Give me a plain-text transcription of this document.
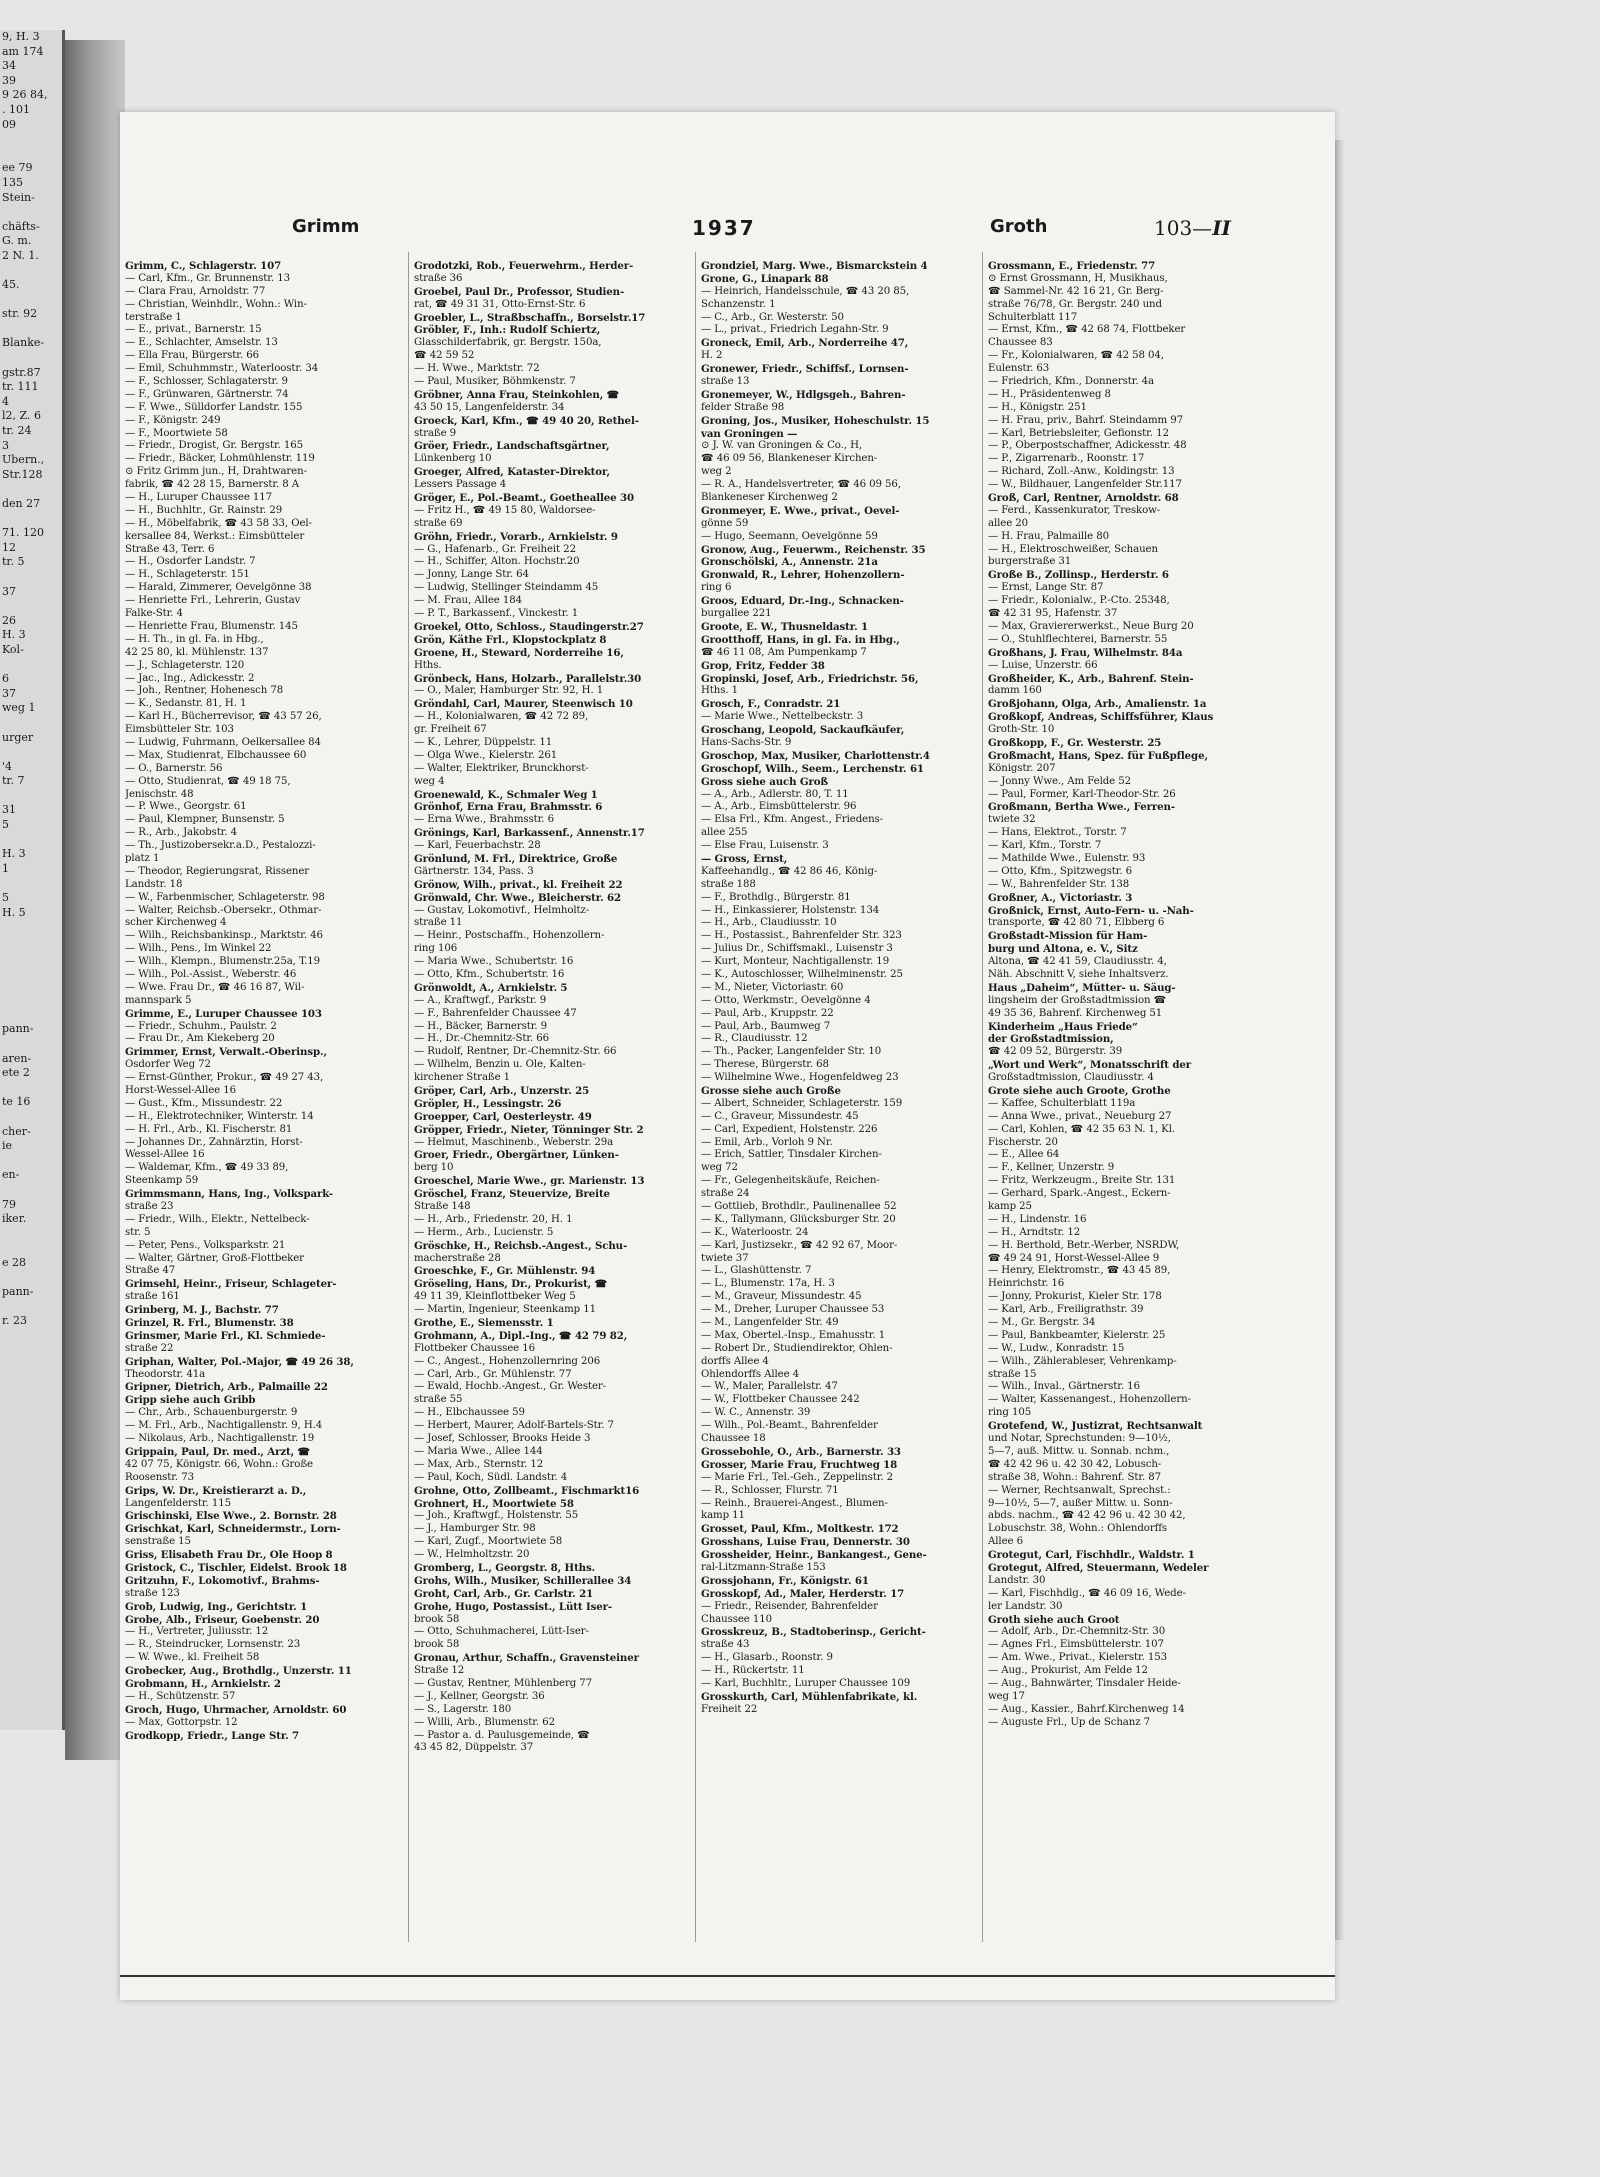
9, H. 3
am 174
34
39
9 26 84,
. 101
09
ee 79
135
Stein-
chäfts-
G. m.
2 N. 1.
45.
str. 92
Blanke-
gstr.87
tr. 111
4
l2, Z. 6
tr. 24
3
Ubern.,
Str.128
den 27
71. 120
12
tr. 5
37
26
H. 3
Kol-
6
37
weg 1
urger
'4
tr. 7
31
5
H. 3
1
5
H. 5
pann-
aren-
ete 2
te 16
cher-
ie
en-
79
iker.
e 28
pann-
r. 23
Grimm	1937	Groth	103—II
Grimm, C., Schlagerstr. 107
— Carl, Kfm., Gr. Brunnenstr. 13
— Clara Frau, Arnoldstr. 77
— Christian, Weinhdlr., Wohn.: Win-
terstraße 1
— E., privat., Barnerstr. 15
— E., Schlachter, Amselstr. 13
— Ella Frau, Bürgerstr. 66
— Emil, Schuhmmstr., Waterloostr. 34
— F., Schlosser, Schlagaterstr. 9
— F., Grünwaren, Gärtnerstr. 74
— F. Wwe., Sülldorfer Landstr. 155
— F., Königstr. 249
— F., Moortwiete 58
— Friedr., Drogist, Gr. Bergstr. 165
— Friedr., Bäcker, Lohmühlenstr. 119
⊙ Fritz Grimm jun., H, Drahtwaren-
fabrik, ☎ 42 28 15, Barnerstr. 8 A
— H., Luruper Chaussee 117
— H., Buchhltr., Gr. Rainstr. 29
— H., Möbelfabrik, ☎ 43 58 33, Oel-
kersallee 84, Werkst.: Eimsbütteler
Straße 43, Terr. 6
— H., Osdorfer Landstr. 7
— H., Schlageterstr. 151
— Harald, Zimmerer, Oevelgönne 38
— Henriette Frl., Lehrerin, Gustav
Falke-Str. 4
— Henriette Frau, Blumenstr. 145
— H. Th., in gl. Fa. in Hbg.,
42 25 80, kl. Mühlenstr. 137
— J., Schlageterstr. 120
— Jac., Ing., Adickesstr. 2
— Joh., Rentner, Hohenesch 78
— K., Sedanstr. 81, H. 1
— Karl H., Bücherrevisor, ☎ 43 57 26,
Eimsbütteler Str. 103
— Ludwig, Fuhrmann, Oelkersallee 84
— Max, Studienrat, Elbchaussee 60
— O., Barnerstr. 56
— Otto, Studienrat, ☎ 49 18 75,
Jenischstr. 48
— P. Wwe., Georgstr. 61
— Paul, Klempner, Bunsenstr. 5
— R., Arb., Jakobstr. 4
— Th., Justizobersekr.a.D., Pestalozzi-
platz 1
— Theodor, Regierungsrat, Rissener
Landstr. 18
— W., Farbenmischer, Schlageterstr. 98
— Walter, Reichsb.-Obersekr., Othmar-
scher Kirchenweg 4
— Wilh., Reichsbankinsp., Marktstr. 46
— Wilh., Pens., Im Winkel 22
— Wilh., Klempn., Blumenstr.25a, T.19
— Wilh., Pol.-Assist., Weberstr. 46
— Wwe. Frau Dr., ☎ 46 16 87, Wil-
mannspark 5
Grimme, E., Luruper Chaussee 103
— Friedr., Schuhm., Paulstr. 2
— Frau Dr., Am Kiekeberg 20
Grimmer, Ernst, Verwalt.-Oberinsp.,
Osdorfer Weg 72
— Ernst-Günther, Prokur., ☎ 49 27 43,
Horst-Wessel-Allee 16
— Gust., Kfm., Missundestr. 22
— H., Elektrotechniker, Winterstr. 14
— H. Frl., Arb., Kl. Fischerstr. 81
— Johannes Dr., Zahnärztin, Horst-
Wessel-Allee 16
— Waldemar, Kfm., ☎ 49 33 89,
Steenkamp 59
Grimmsmann, Hans, Ing., Volkspark-
straße 23
— Friedr., Wilh., Elektr., Nettelbeck-
str. 5
— Peter, Pens., Volksparkstr. 21
— Walter, Gärtner, Groß-Flottbeker
Straße 47
Grimsehl, Heinr., Friseur, Schlageter-
straße 161
Grinberg, M. J., Bachstr. 77
Grinzel, R. Frl., Blumenstr. 38
Grinsmer, Marie Frl., Kl. Schmiede-
straße 22
Griphan, Walter, Pol.-Major, ☎ 49 26 38,
Theodorstr. 41a
Gripner, Dietrich, Arb., Palmaille 22
Gripp siehe auch Gribb
— Chr., Arb., Schauenburgerstr. 9
— M. Frl., Arb., Nachtigallenstr. 9, H.4
— Nikolaus, Arb., Nachtigallenstr. 19
Grippain, Paul, Dr. med., Arzt, ☎
42 07 75, Königstr. 66, Wohn.: Große
Roosenstr. 73
Grips, W. Dr., Kreistierarzt a. D.,
Langenfelderstr. 115
Grischinski, Else Wwe., 2. Bornstr. 28
Grischkat, Karl, Schneidermstr., Lorn-
senstraße 15
Griss, Elisabeth Frau Dr., Ole Hoop 8
Gristock, C., Tischler, Eidelst. Brook 18
Gritzuhn, F., Lokomotivf., Brahms-
straße 123
Grob, Ludwig, Ing., Gerichtstr. 1
Grobe, Alb., Friseur, Goebenstr. 20
— H., Vertreter, Juliusstr. 12
— R., Steindrucker, Lornsenstr. 23
— W. Wwe., kl. Freiheit 58
Grobecker, Aug., Brothdlg., Unzerstr. 11
Grobmann, H., Arnkielstr. 2
— H., Schützenstr. 57
Groch, Hugo, Uhrmacher, Arnoldstr. 60
— Max, Gottorpstr. 12
Grodkopp, Friedr., Lange Str. 7
Grodotzki, Rob., Feuerwehrm., Herder-
straße 36
Groebel, Paul Dr., Professor, Studien-
rat, ☎ 49 31 31, Otto-Ernst-Str. 6
Groebler, L., Straßbschaffn., Borselstr.17
Gröbler, F., Inh.: Rudolf Schiertz,
Glasschilderfabrik, gr. Bergstr. 150a,
☎ 42 59 52
— H. Wwe., Marktstr. 72
— Paul, Musiker, Böhmkenstr. 7
Gröbner, Anna Frau, Steinkohlen, ☎
43 50 15, Langenfelderstr. 34
Groeck, Karl, Kfm., ☎ 49 40 20, Rethel-
straße 9
Gröer, Friedr., Landschaftsgärtner,
Lünkenberg 10
Groeger, Alfred, Kataster-Direktor,
Lessers Passage 4
Gröger, E., Pol.-Beamt., Goetheallee 30
— Fritz H., ☎ 49 15 80, Waldorsee-
straße 69
Gröhn, Friedr., Vorarb., Arnkielstr. 9
— G., Hafenarb., Gr. Freiheit 22
— H., Schiffer, Alton. Hochstr.20
— Jonny, Lange Str. 64
— Ludwig, Stellinger Steindamm 45
— M. Frau, Allee 184
— P. T., Barkassenf., Vinckestr. 1
Groekel, Otto, Schloss., Staudingerstr.27
Grön, Käthe Frl., Klopstockplatz 8
Groene, H., Steward, Norderreihe 16,
Hths.
Grönbeck, Hans, Holzarb., Parallelstr.30
— O., Maler, Hamburger Str. 92, H. 1
Gröndahl, Carl, Maurer, Steenwisch 10
— H., Kolonialwaren, ☎ 42 72 89,
gr. Freiheit 67
— K., Lehrer, Düppelstr. 11
— Olga Wwe., Kielerstr. 261
— Walter, Elektriker, Brunckhorst-
weg 4
Groenewald, K., Schmaler Weg 1
Grönhof, Erna Frau, Brahmsstr. 6
— Erna Wwe., Brahmsstr. 6
Grönings, Karl, Barkassenf., Annenstr.17
— Karl, Feuerbachstr. 28
Grönlund, M. Frl., Direktrice, Große
Gärtnerstr. 134, Pass. 3
Grönow, Wilh., privat., kl. Freiheit 22
Grönwald, Chr. Wwe., Bleicherstr. 62
— Gustav, Lokomotivf., Helmholtz-
straße 11
— Heinr., Postschaffn., Hohenzollern-
ring 106
— Maria Wwe., Schubertstr. 16
— Otto, Kfm., Schubertstr. 16
Grönwoldt, A., Arnkielstr. 5
— A., Kraftwgf., Parkstr. 9
— F., Bahrenfelder Chaussee 47
— H., Bäcker, Barnerstr. 9
— H., Dr.-Chemnitz-Str. 66
— Rudolf, Rentner, Dr.-Chemnitz-Str. 66
— Wilhelm, Benzin u. Öle, Kalten-
kirchener Straße 1
Gröper, Carl, Arb., Unzerstr. 25
Gröpler, H., Lessingstr. 26
Groepper, Carl, Oesterleystr. 49
Gröpper, Friedr., Nieter, Tönninger Str. 2
— Helmut, Maschinenb., Weberstr. 29a
Groer, Friedr., Obergärtner, Lünken-
berg 10
Groeschel, Marie Wwe., gr. Marienstr. 13
Gröschel, Franz, Steuervize, Breite
Straße 148
— H., Arb., Friedenstr. 20, H. 1
— Herm., Arb., Lucienstr. 5
Gröschke, H., Reichsb.-Angest., Schu-
macherstraße 28
Groeschke, F., Gr. Mühlenstr. 94
Gröseling, Hans, Dr., Prokurist, ☎
49 11 39, Kleinflottbeker Weg 5
— Martin, Ingenieur, Steenkamp 11
Grothe, E., Siemensstr. 1
Grohmann, A., Dipl.-Ing., ☎ 42 79 82,
Flottbeker Chaussee 16
— C., Angest., Hohenzollernring 206
— Carl, Arb., Gr. Mühlenstr. 77
— Ewald, Hochb.-Angest., Gr. Wester-
straße 55
— H., Elbchaussee 59
— Herbert, Maurer, Adolf-Bartels-Str. 7
— Josef, Schlosser, Brooks Heide 3
— Maria Wwe., Allee 144
— Max, Arb., Sternstr. 12
— Paul, Koch, Südl. Landstr. 4
Grohne, Otto, Zollbeamt., Fischmarkt16
Grohnert, H., Moortwiete 58
— Joh., Kraftwgf., Holstenstr. 55
— J., Hamburger Str. 98
— Karl, Zugf., Moortwiete 58
— W., Helmholtzstr. 20
Gromberg, L., Georgstr. 8, Hths.
Grohs, Wilh., Musiker, Schillerallee 34
Groht, Carl, Arb., Gr. Carlstr. 21
Grohe, Hugo, Postassist., Lütt Iser-
brook 58
— Otto, Schuhmacherei, Lütt-Iser-
brook 58
Gronau, Arthur, Schaffn., Gravensteiner
Straße 12
— Gustav, Rentner, Mühlenberg 77
— J., Kellner, Georgstr. 36
— S., Lagerstr. 180
— Willi, Arb., Blumenstr. 62
— Pastor a. d. Paulusgemeinde, ☎
43 45 82, Düppelstr. 37
Grondziel, Marg. Wwe., Bismarckstein 4
Grone, G., Linapark 88
— Heinrich, Handelsschule, ☎ 43 20 85,
Schanzenstr. 1
— C., Arb., Gr. Westerstr. 50
— L., privat., Friedrich Legahn-Str. 9
Groneck, Emil, Arb., Norderreihe 47,
H. 2
Gronewer, Friedr., Schiffsf., Lornsen-
straße 13
Gronemeyer, W., Hdlgsgeh., Bahren-
felder Straße 98
Groning, Jos., Musiker, Hoheschulstr. 15
van Groningen —
⊙ J. W. van Groningen & Co., H,
☎ 46 09 56, Blankeneser Kirchen-
weg 2
— R. A., Handelsvertreter, ☎ 46 09 56,
Blankeneser Kirchenweg 2
Gronmeyer, E. Wwe., privat., Oevel-
gönne 59
— Hugo, Seemann, Oevelgönne 59
Gronow, Aug., Feuerwm., Reichenstr. 35
Gronschölski, A., Annenstr. 21a
Gronwald, R., Lehrer, Hohenzollern-
ring 6
Groos, Eduard, Dr.-Ing., Schnacken-
burgallee 221
Groote, E. W., Thusneldastr. 1
Grootthoff, Hans, in gl. Fa. in Hbg.,
☎ 46 11 08, Am Pumpenkamp 7
Grop, Fritz, Fedder 38
Gropinski, Josef, Arb., Friedrichstr. 56,
Hths. 1
Grosch, F., Conradstr. 21
— Marie Wwe., Nettelbeckstr. 3
Groschang, Leopold, Sackaufkäufer,
Hans-Sachs-Str. 9
Groschop, Max, Musiker, Charlottenstr.4
Groschopf, Wilh., Seem., Lerchenstr. 61
Gross siehe auch Groß
— A., Arb., Adlerstr. 80, T. 11
— A., Arb., Eimsbüttelerstr. 96
— Elsa Frl., Kfm. Angest., Friedens-
allee 255
— Else Frau, Luisenstr. 3
— Gross, Ernst,
Kaffeehandlg., ☎ 42 86 46, König-
straße 188
— F., Brothdlg., Bürgerstr. 81
— H., Einkassierer, Holstenstr. 134
— H., Arb., Claudiusstr. 10
— H., Postassist., Bahrenfelder Str. 323
— Julius Dr., Schiffsmakl., Luisenstr 3
— Kurt, Monteur, Nachtigallenstr. 19
— K., Autoschlosser, Wilhelminenstr. 25
— M., Nieter, Victoriastr. 60
— Otto, Werkmstr., Oevelgönne 4
— Paul, Arb., Kruppstr. 22
— Paul, Arb., Baumweg 7
— R., Claudiusstr. 12
— Th., Packer, Langenfelder Str. 10
— Therese, Bürgerstr. 68
— Wilhelmine Wwe., Hogenfeldweg 23
Grosse siehe auch Große
— Albert, Schneider, Schlageterstr. 159
— C., Graveur, Missundestr. 45
— Carl, Expedient, Holstenstr. 226
— Emil, Arb., Vorloh 9 Nr.
— Erich, Sattler, Tinsdaler Kirchen-
weg 72
— Fr., Gelegenheitskäufe, Reichen-
straße 24
— Gottlieb, Brothdlr., Paulinenallee 52
— K., Tallymann, Glücksburger Str. 20
— K., Waterloostr. 24
— Karl, Justizsekr., ☎ 42 92 67, Moor-
twiete 37
— L., Glashüttenstr. 7
— L., Blumenstr. 17a, H. 3
— M., Graveur, Missundestr. 45
— M., Dreher, Luruper Chaussee 53
— M., Langenfelder Str. 49
— Max, Obertel.-Insp., Emahusstr. 1
— Robert Dr., Studiendirektor, Ohlen-
dorffs Allee 4
Ohlendorffs Allee 4
— W., Maler, Parallelstr. 47
— W., Flottbeker Chaussee 242
— W. C., Annenstr. 39
— Wilh., Pol.-Beamt., Bahrenfelder
Chaussee 18
Grossebohle, O., Arb., Barnerstr. 33
Grosser, Marie Frau, Fruchtweg 18
— Marie Frl., Tel.-Geh., Zeppelinstr. 2
— R., Schlosser, Flurstr. 71
— Reinh., Brauerei-Angest., Blumen-
kamp 11
Grosset, Paul, Kfm., Moltkestr. 172
Grosshans, Luise Frau, Dennerstr. 30
Grossheider, Heinr., Bankangest., Gene-
ral-Litzmann-Straße 153
Grossjohann, Fr., Königstr. 61
Grosskopf, Ad., Maler, Herderstr. 17
— Friedr., Reisender, Bahrenfelder
Chaussee 110
Grosskreuz, B., Stadtoberinsp., Gericht-
straße 43
— H., Glasarb., Roonstr. 9
— H., Rückertstr. 11
— Karl, Buchhltr., Luruper Chaussee 109
Grosskurth, Carl, Mühlenfabrikate, kl.
Freiheit 22
Grossmann, E., Friedenstr. 77
⊙ Ernst Grossmann, H, Musikhaus,
☎ Sammel-Nr. 42 16 21, Gr. Berg-
straße 76/78, Gr. Bergstr. 240 und
Schulterblatt 117
— Ernst, Kfm., ☎ 42 68 74, Flottbeker
Chaussee 83
— Fr., Kolonialwaren, ☎ 42 58 04,
Eulenstr. 63
— Friedrich, Kfm., Donnerstr. 4a
— H., Präsidentenweg 8
— H., Königstr. 251
— H. Frau, priv., Bahrf. Steindamm 97
— Karl, Betriebsleiter, Gefionstr. 12
— P., Oberpostschaffner, Adickesstr. 48
— P., Zigarrenarb., Roonstr. 17
— Richard, Zoll.-Anw., Koldingstr. 13
— W., Bildhauer, Langenfelder Str.117
Groß, Carl, Rentner, Arnoldstr. 68
— Ferd., Kassenkurator, Treskow-
allee 20
— H. Frau, Palmaille 80
— H., Elektroschweißer, Schauen
burgerstraße 31
Große B., Zollinsp., Herderstr. 6
— Ernst, Lange Str. 87
— Friedr., Kolonialw., P.-Cto. 25348,
☎ 42 31 95, Hafenstr. 37
— Max, Graviererwerkst., Neue Burg 20
— O., Stuhlflechterei, Barnerstr. 55
Großhans, J. Frau, Wilhelmstr. 84a
— Luise, Unzerstr. 66
Großheider, K., Arb., Bahrenf. Stein-
damm 160
Großjohann, Olga, Arb., Amalienstr. 1a
Großkopf, Andreas, Schiffsführer, Klaus
Groth-Str. 10
Großkopp, F., Gr. Westerstr. 25
Großmacht, Hans, Spez. für Fußpflege,
Königstr. 207
— Jonny Wwe., Am Felde 52
— Paul, Former, Karl-Theodor-Str. 26
Großmann, Bertha Wwe., Ferren-
twiete 32
— Hans, Elektrot., Torstr. 7
— Karl, Kfm., Torstr. 7
— Mathilde Wwe., Eulenstr. 93
— Otto, Kfm., Spitzwegstr. 6
— W., Bahrenfelder Str. 138
Großner, A., Victoriastr. 3
Großnick, Ernst, Auto-Fern- u. -Nah-
transporte, ☎ 42 80 71, Elbberg 6
Großstadt-Mission für Ham-
burg und Altona, e. V., Sitz
Altona, ☎ 42 41 59, Claudiusstr. 4,
Näh. Abschnitt V, siehe Inhaltsverz.
Haus „Daheim“, Mütter- u. Säug-
lingsheim der Großstadtmission ☎
49 35 36, Bahrenf. Kirchenweg 51
Kinderheim „Haus Friede“
der Großstadtmission,
☎ 42 09 52, Bürgerstr. 39
„Wort und Werk“, Monatsschrift der
Großstadtmission, Claudiusstr. 4
Grote siehe auch Groote, Grothe
— Kaffee, Schulterblatt 119a
— Anna Wwe., privat., Neueburg 27
— Carl, Kohlen, ☎ 42 35 63 N. 1, Kl.
Fischerstr. 20
— E., Allee 64
— F., Kellner, Unzerstr. 9
— Fritz, Werkzeugm., Breite Str. 131
— Gerhard, Spark.-Angest., Eckern-
kamp 25
— H., Lindenstr. 16
— H., Arndtstr. 12
— H. Berthold, Betr.-Werber, NSRDW,
☎ 49 24 91, Horst-Wessel-Allee 9
— Henry, Elektromstr., ☎ 43 45 89,
Heinrichstr. 16
— Jonny, Prokurist, Kieler Str. 178
— Karl, Arb., Freiligrathstr. 39
— M., Gr. Bergstr. 34
— Paul, Bankbeamter, Kielerstr. 25
— W., Ludw., Konradstr. 15
— Wilh., Zählerableser, Vehrenkamp-
straße 15
— Wilh., Inval., Gärtnerstr. 16
— Walter, Kassenangest., Hohenzollern-
ring 105
Grotefend, W., Justizrat, Rechtsanwalt
und Notar, Sprechstunden: 9—10½,
5—7, auß. Mittw. u. Sonnab. nchm.,
☎ 42 42 96 u. 42 30 42, Lobusch-
straße 38, Wohn.: Bahrenf. Str. 87
— Werner, Rechtsanwalt, Sprechst.:
9—10½, 5—7, außer Mittw. u. Sonn-
abds. nachm., ☎ 42 42 96 u. 42 30 42,
Lobuschstr. 38, Wohn.: Ohlendorffs
Allee 6
Grotegut, Carl, Fischhdlr., Waldstr. 1
Grotegut, Alfred, Steuermann, Wedeler
Landstr. 30
— Karl, Fischhdlg., ☎ 46 09 16, Wede-
ler Landstr. 30
Groth siehe auch Groot
— Adolf, Arb., Dr.-Chemnitz-Str. 30
— Agnes Frl., Eimsbüttelerstr. 107
— Am. Wwe., Privat., Kielerstr. 153
— Aug., Prokurist, Am Felde 12
— Aug., Bahnwärter, Tinsdaler Heide-
weg 17
— Aug., Kassier., Bahrf.Kirchenweg 14
— Auguste Frl., Up de Schanz 7
